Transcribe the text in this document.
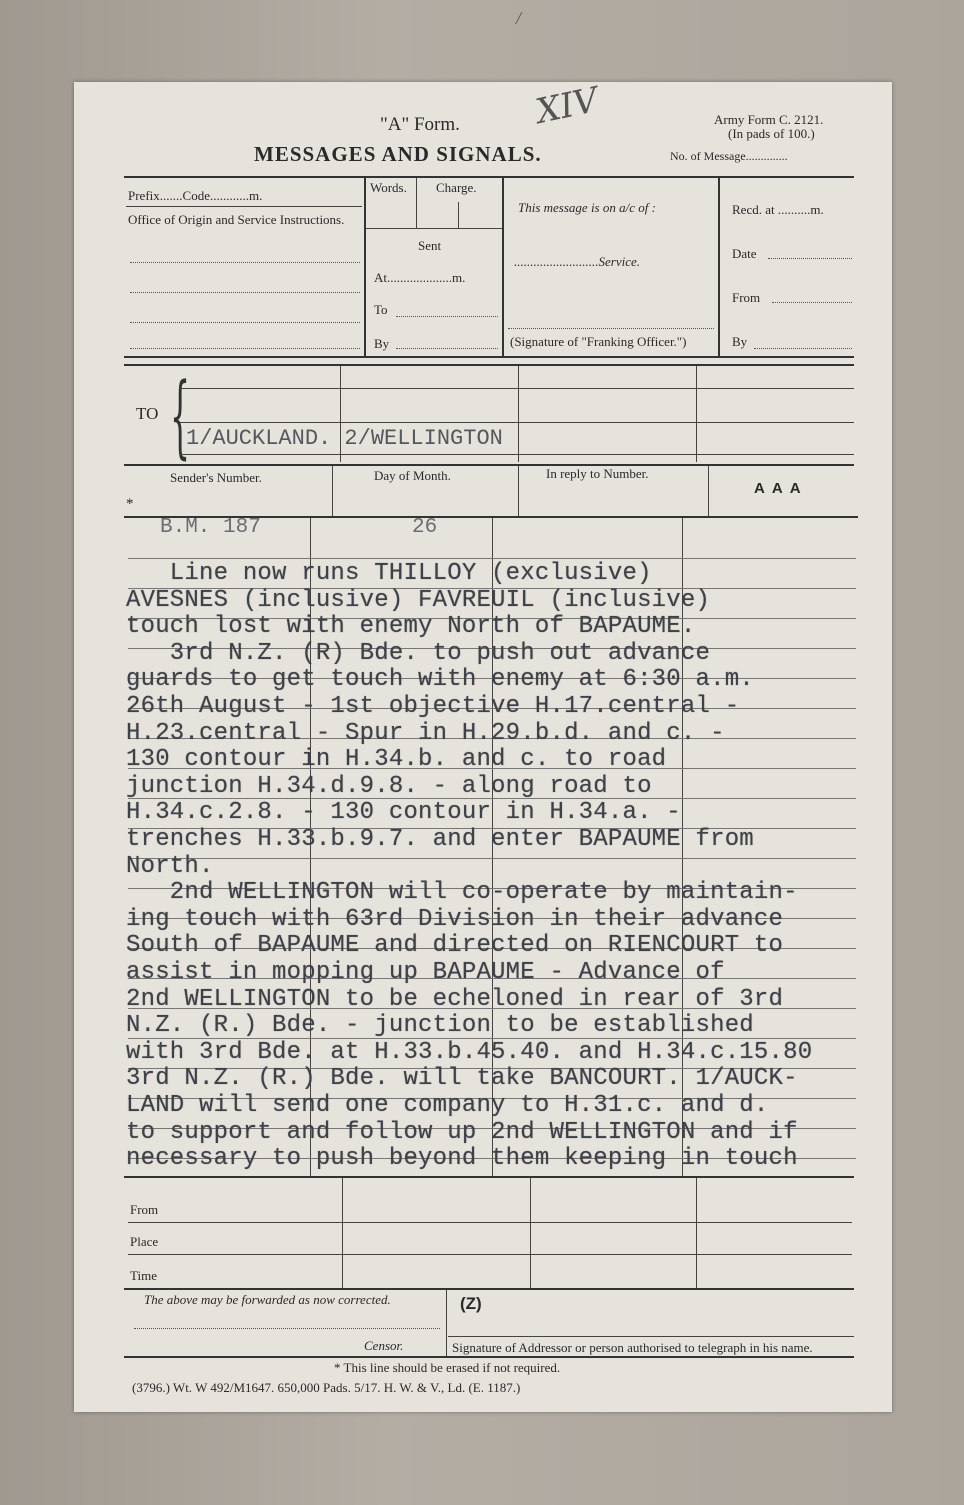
/
XIV
"A" Form.
MESSAGES AND SIGNALS.
Army Form C. 2121.
(In pads of 100.)
No. of Message..............
Prefix.......Code............m.
Office of Origin and Service Instructions.
Words. Charge.
Sent
At....................m.
To
By
This message is on a/c of :
..........................Service.
(Signature of "Franking Officer.")
Recd. at ..........m.
Date
From
By
TO {
1/AUCKLAND. 2/WELLINGTON
Sender's Number.	Day of Month.	In reply to Number.
A A A
*
B.M. 187	26
Line now runs THILLOY (exclusive)
AVESNES (inclusive) FAVREUIL (inclusive)
touch lost with enemy North of BAPAUME.
3rd N.Z. (R) Bde. to push out advance
guards to get touch with enemy at 6:30 a.m.
26th August - 1st objective H.17.central -
H.23.central - Spur in H.29.b.d. and c. -
130 contour in H.34.b. and c. to road
junction H.34.d.9.8. - along road to
H.34.c.2.8. - 130 contour in H.34.a. -
trenches H.33.b.9.7. and enter BAPAUME from
North.
2nd WELLINGTON will co-operate by maintain-
ing touch with 63rd Division in their advance
South of BAPAUME and directed on RIENCOURT to
assist in mopping up BAPAUME - Advance of
2nd WELLINGTON to be echeloned in rear of 3rd
N.Z. (R.) Bde. - junction to be established
with 3rd Bde. at H.33.b.45.40. and H.34.c.15.80
3rd N.Z. (R.) Bde. will take BANCOURT. 1/AUCK-
LAND will send one company to H.31.c. and d.
to support and follow up 2nd WELLINGTON and if
necessary to push beyond them keeping in touch
From
Place
Time
The above may be forwarded as now corrected.	(Z)
Censor.	Signature of Addressor or person authorised to telegraph in his name.
* This line should be erased if not required.
(3796.) Wt. W 492/M1647. 650,000 Pads. 5/17. H. W. & V., Ld. (E. 1187.)
